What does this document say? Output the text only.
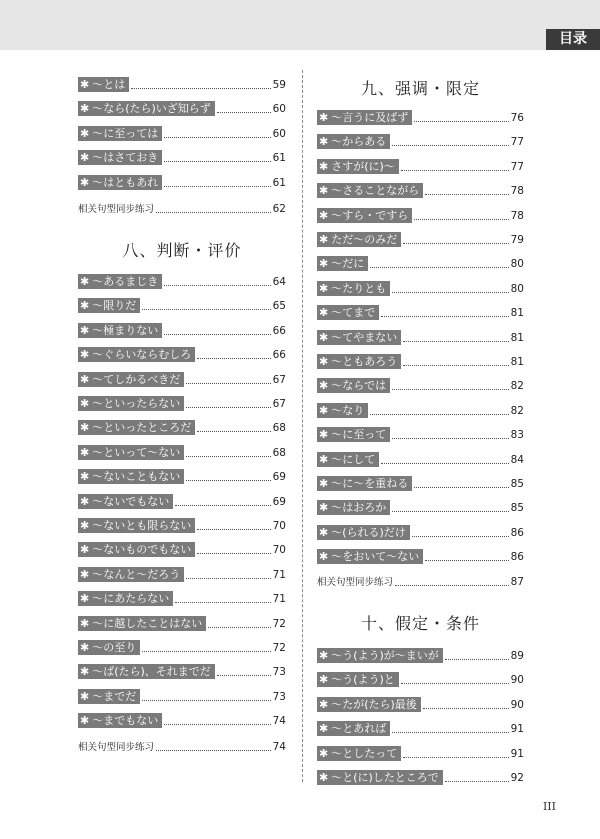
目录
✱ ～とは	59
✱ ～なら(たら)いざ知らず	60
✱ ～に至っては	60
✱ ～はさておき	61
✱ ～はともあれ	61
相关句型同步练习	62
八、判断・评价
✱ ～あるまじき	64
✱ ～限りだ	65
✱ ～極まりない	66
✱ ～ぐらいならむしろ	66
✱ ～てしかるべきだ	67
✱ ～といったらない	67
✱ ～といったところだ	68
✱ ～といって～ない	68
✱ ～ないこともない	69
✱ ～ないでもない	69
✱ ～ないとも限らない	70
✱ ～ないものでもない	70
✱ ～なんと～だろう	71
✱ ～にあたらない	71
✱ ～に越したことはない	72
✱ ～の至り	72
✱ ～ば(たら)、それまでだ	73
✱ ～までだ	73
✱ ～までもない	74
相关句型同步练习	74
九、强调・限定
✱ ～言うに及ばず	76
✱ ～からある	77
✱ さすが(に)～	77
✱ ～さることながら	78
✱ ～すら・ですら	78
✱ ただ～のみだ	79
✱ ～だに	80
✱ ～たりとも	80
✱ ～てまで	81
✱ ～てやまない	81
✱ ～ともあろう	81
✱ ～ならでは	82
✱ ～なり	82
✱ ～に至って	83
✱ ～にして	84
✱ ～に～を重ねる	85
✱ ～はおろか	85
✱ ～(られる)だけ	86
✱ ～をおいて～ない	86
相关句型同步练习	87
十、假定・条件
✱ ～う(よう)が～まいが	89
✱ ～う(よう)と	90
✱ ～たが(たら)最後	90
✱ ～とあれば	91
✱ ～としたって	91
✱ ～と(に)したところで	92
III
